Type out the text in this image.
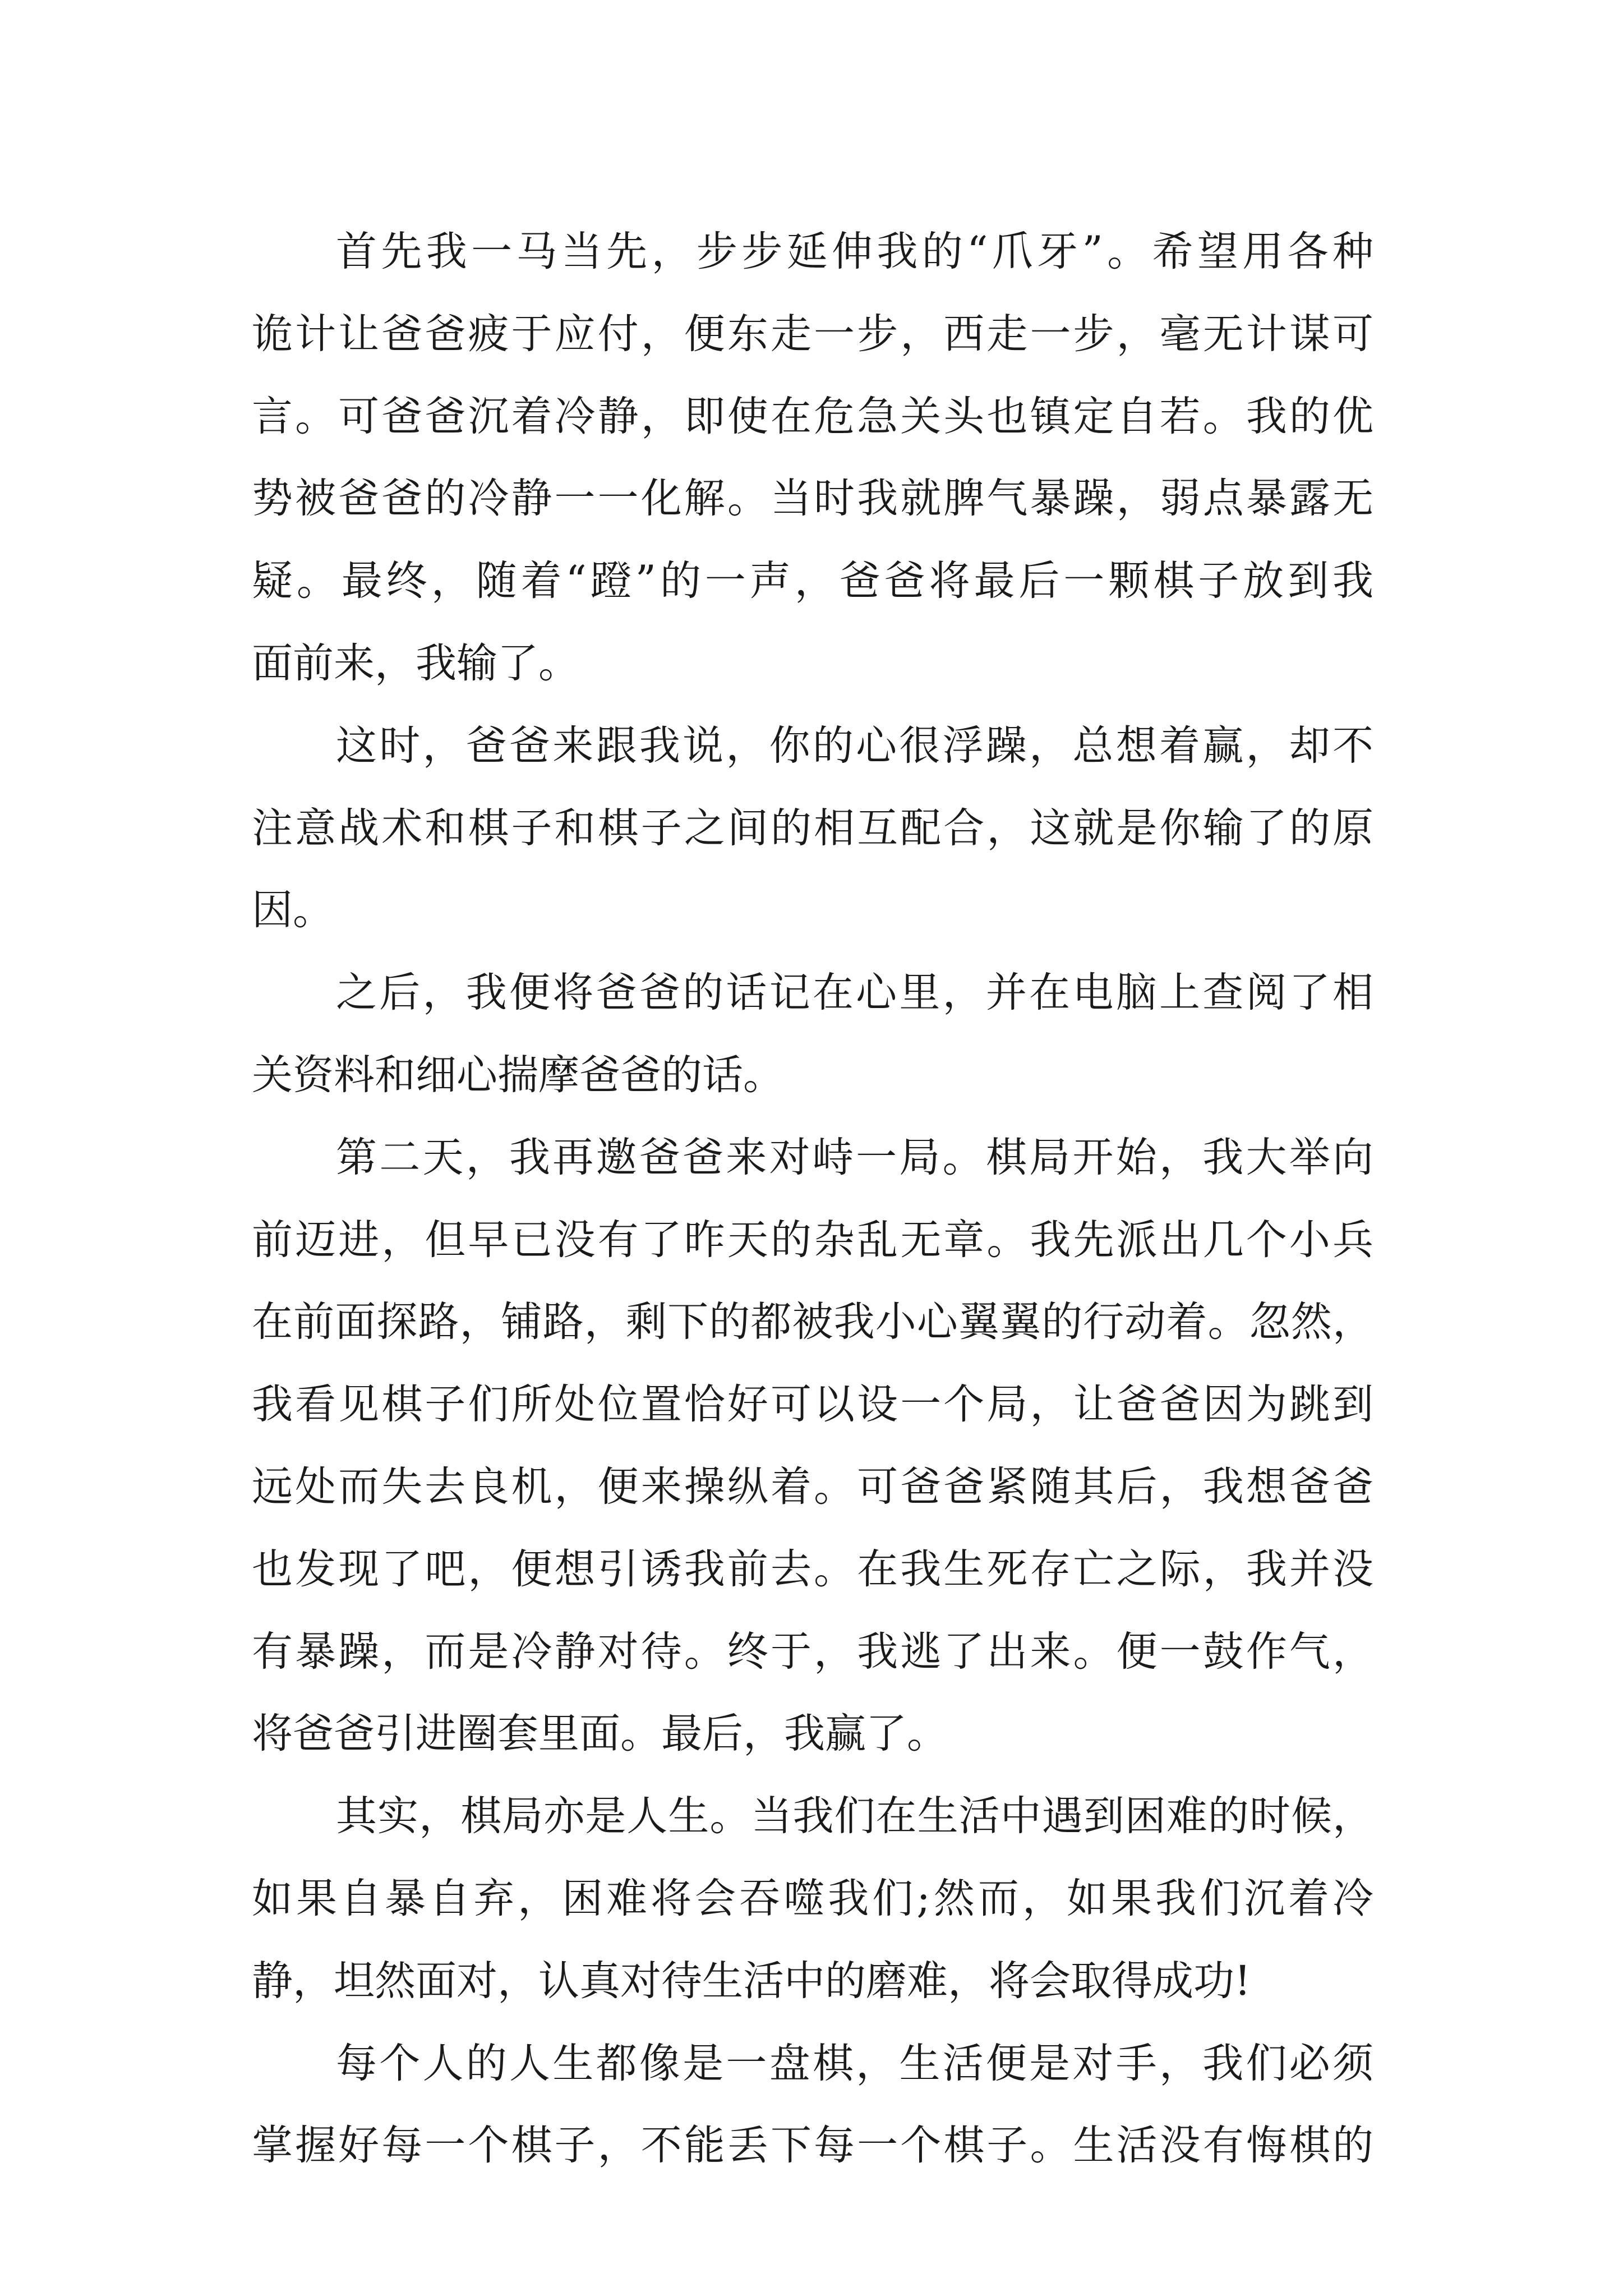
首先我一马当先，步步延伸我的“爪牙”。希望用各种
诡计让爸爸疲于应付，便东走一步，西走一步，毫无计谋可
言。可爸爸沉着冷静，即使在危急关头也镇定自若。我的优
势被爸爸的冷静一一化解。当时我就脾气暴躁，弱点暴露无
疑。最终，随着“蹬”的一声，爸爸将最后一颗棋子放到我
面前来，我输了。
这时，爸爸来跟我说，你的心很浮躁，总想着赢，却不
注意战术和棋子和棋子之间的相互配合，这就是你输了的原
因。
之后，我便将爸爸的话记在心里，并在电脑上查阅了相
关资料和细心揣摩爸爸的话。
第二天，我再邀爸爸来对峙一局。棋局开始，我大举向
前迈进，但早已没有了昨天的杂乱无章。我先派出几个小兵
在前面探路，铺路，剩下的都被我小心翼翼的行动着。忽然，
我看见棋子们所处位置恰好可以设一个局，让爸爸因为跳到
远处而失去良机，便来操纵着。可爸爸紧随其后，我想爸爸
也发现了吧，便想引诱我前去。在我生死存亡之际，我并没
有暴躁，而是冷静对待。终于，我逃了出来。便一鼓作气，
将爸爸引进圈套里面。最后，我赢了。
其实，棋局亦是人生。当我们在生活中遇到困难的时候，
如果自暴自弃，困难将会吞噬我们;然而，如果我们沉着冷
静，坦然面对，认真对待生活中的磨难，将会取得成功!
每个人的人生都像是一盘棋，生活便是对手，我们必须
掌握好每一个棋子，不能丢下每一个棋子。生活没有悔棋的
